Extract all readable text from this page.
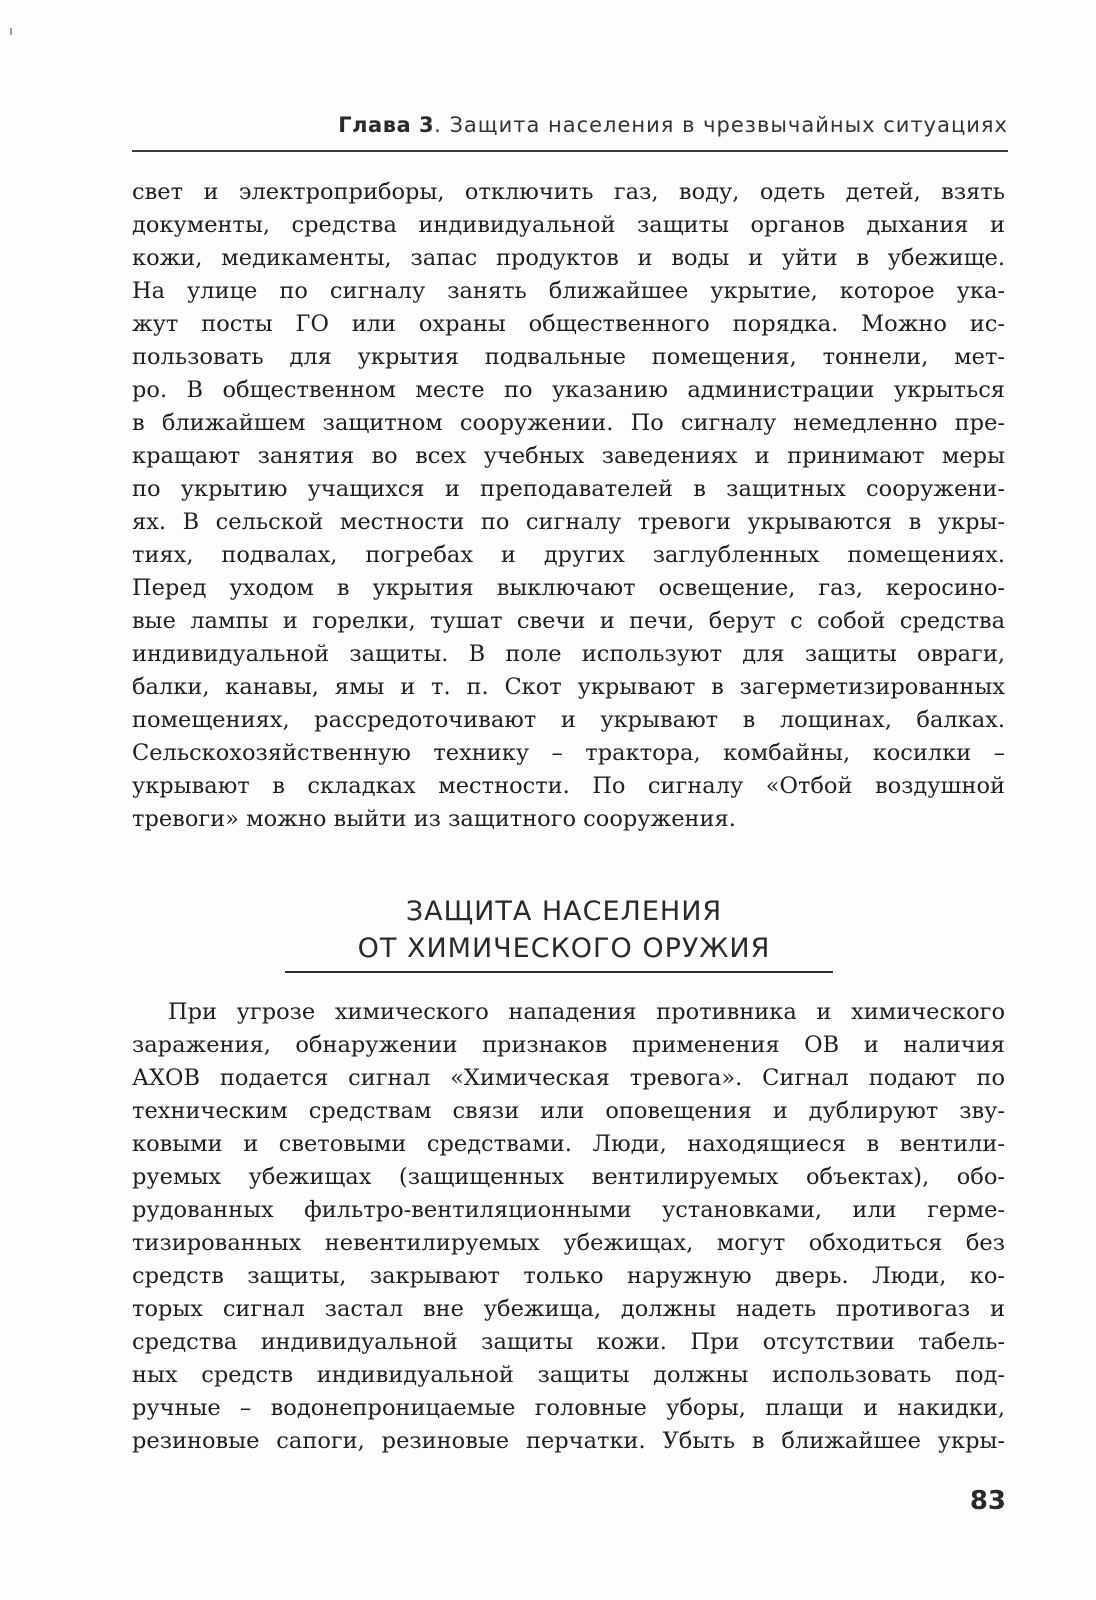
Глава 3. Защита населения в чрезвычайных ситуациях
свет и электроприборы, отключить газ, воду, одеть детей, взять
документы, средства индивидуальной защиты органов дыхания и
кожи, медикаменты, запас продуктов и воды и уйти в убежище.
На улице по сигналу занять ближайшее укрытие, которое ука-
жут посты ГО или охраны общественного порядка. Можно ис-
пользовать для укрытия подвальные помещения, тоннели, мет-
ро. В общественном месте по указанию администрации укрыться
в ближайшем защитном сооружении. По сигналу немедленно пре-
кращают занятия во всех учебных заведениях и принимают меры
по укрытию учащихся и преподавателей в защитных сооружени-
ях. В сельской местности по сигналу тревоги укрываются в укры-
тиях, подвалах, погребах и других заглубленных помещениях.
Перед уходом в укрытия выключают освещение, газ, керосино-
вые лампы и горелки, тушат свечи и печи, берут с собой средства
индивидуальной защиты. В поле используют для защиты овраги,
балки, канавы, ямы и т. п. Скот укрывают в загерметизированных
помещениях, рассредоточивают и укрывают в лощинах, балках.
Сельскохозяйственную технику – трактора, комбайны, косилки –
укрывают в складках местности. По сигналу «Отбой воздушной
тревоги» можно выйти из защитного сооружения.
ЗАЩИТА НАСЕЛЕНИЯ
ОТ ХИМИЧЕСКОГО ОРУЖИЯ
При угрозе химического нападения противника и химического
заражения, обнаружении признаков применения ОВ и наличия
АХОВ подается сигнал «Химическая тревога». Сигнал подают по
техническим средствам связи или оповещения и дублируют зву-
ковыми и световыми средствами. Люди, находящиеся в вентили-
руемых убежищах (защищенных вентилируемых объектах), обо-
рудованных фильтро-вентиляционными установками, или герме-
тизированных невентилируемых убежищах, могут обходиться без
средств защиты, закрывают только наружную дверь. Люди, ко-
торых сигнал застал вне убежища, должны надеть противогаз и
средства индивидуальной защиты кожи. При отсутствии табель-
ных средств индивидуальной защиты должны использовать под-
ручные – водонепроницаемые головные уборы, плащи и накидки,
резиновые сапоги, резиновые перчатки. Убыть в ближайшее укры-
83
